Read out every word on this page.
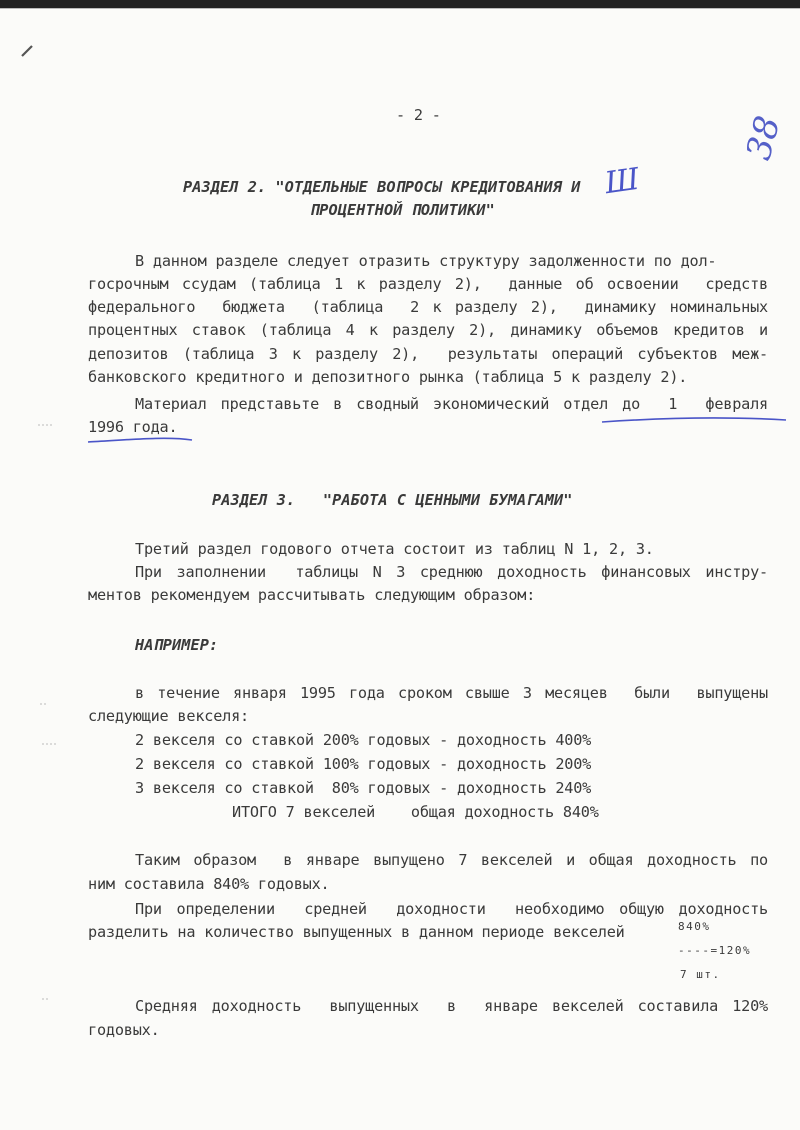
- 2 -	38
РАЗДЕЛ 2. "ОТДЕЛЬНЫЕ ВОПРОСЫ КРЕДИТОВАНИЯ И
ПРОЦЕНТНОЙ ПОЛИТИКИ"
Ш
В данном разделе следует отразить структуру задолженности по дол-
госрочным ссудам (таблица 1 к разделу 2),  данные об освоении  средств
федерального  бюджета  (таблица  2 к разделу 2),  динамику номинальных
процентных ставок (таблица 4 к разделу 2), динамику объемов кредитов и
депозитов (таблица 3 к разделу 2),  результаты операций субъектов меж-
банковского кредитного и депозитного рынка (таблица 5 к разделу 2).
Материал представьте в сводный экономический отдел до  1  февраля
1996 года.
РАЗДЕЛ 3.   "РАБОТА С ЦЕННЫМИ БУМАГАМИ"
Третий раздел годового отчета состоит из таблиц N 1, 2, 3.
При заполнении  таблицы N 3 среднюю доходность финансовых инстру-
ментов рекомендуем рассчитывать следующим образом:
НАПРИМЕР:
в течение января 1995 года сроком свыше 3 месяцев  были  выпущены
следующие векселя:
2 векселя со ставкой 200% годовых - доходность 400%
2 векселя со ставкой 100% годовых - доходность 200%
3 векселя со ставкой  80% годовых - доходность 240%
ИТОГО 7 векселей    общая доходность 840%
Таким образом  в январе выпущено 7 векселей и общая доходность по
ним составила 840% годовых.
При определении  средней  доходности  необходимо общую доходность
разделить на количество выпущенных в данном периоде векселей	840%
----=120%
7 шт.
Средняя доходность  выпущенных  в  январе векселей составила 120%
годовых.
